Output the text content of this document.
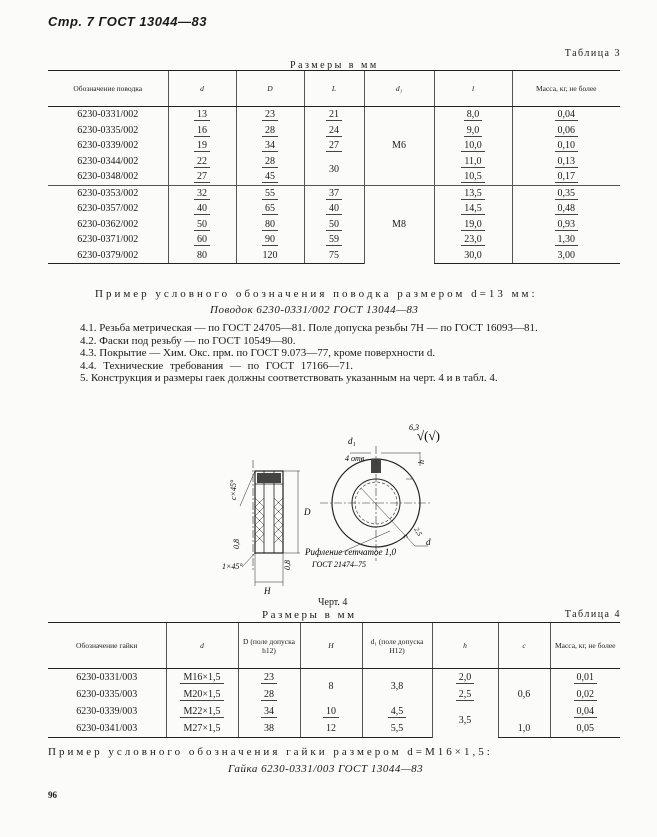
Стр. 7 ГОСТ 13044—83
Таблица 3
Размеры в мм
Обозначение поводка	d	D	L	d₁	l	Масса, кг, не более
6230-0331/002	13	23	21	М6	8,0	0,04
6230-0335/002	16	28	24		9,0	0,06
6230-0339/002	19	34	27		10,0	0,10
6230-0344/002	22	28	30		11,0	0,13
6230-0348/002	27	45			10,5	0,17
6230-0353/002	32	55	37	М8	13,5	0,35
6230-0357/002	40	65	40		14,5	0,48
6230-0362/002	50	80	50		19,0	0,93
6230-0371/002	60	90	59		23,0	1,30
6230-0379/002	80	120	75		30,0	3,00
Пример условного обозначения поводка размером d=13 мм:
Поводок 6230-0331/002 ГОСТ 13044—83
4.1. Резьба метрическая — по ГОСТ 24705—81. Поле допуска резьбы 7Н — по ГОСТ 16093—81.
4.2. Фаски под резьбу — по ГОСТ 10549—80.
4.3. Покрытие — Хим. Окс. прм. по ГОСТ 9.073—77, кроме поверхности d.
4.4. Технические требования — по ГОСТ 17166—71.
5. Конструкция и размеры гаек должны соответствовать указанным на черт. 4 и в табл. 4.
c×45°
D
H
1×45°
0,8
0,8
d₁
4 отв	h
c 2,5
d
Рифление сетчатое 1,0
ГОСТ 21474–75
6,3
√(√)
Черт. 4
Размеры в мм	Таблица 4
Обозначение гайки	d	D (поле допуска h12)	H	d₁ (поле допуска Н12)	h	c	Масса, кг, не более
6230-0331/003	M16×1,5	23	8	3,8	2,0	0,6	0,01
6230-0335/003	M20×1,5	28			2,5		0,02
6230-0339/003	M22×1,5	34	10	4,5	3,5		0,04
6230-0341/003	M27×1,5	38	12	5,5		1,0	0,05
Пример условного обозначения гайки размером d=M16×1,5:
Гайка 6230-0331/003 ГОСТ 13044—83
96
